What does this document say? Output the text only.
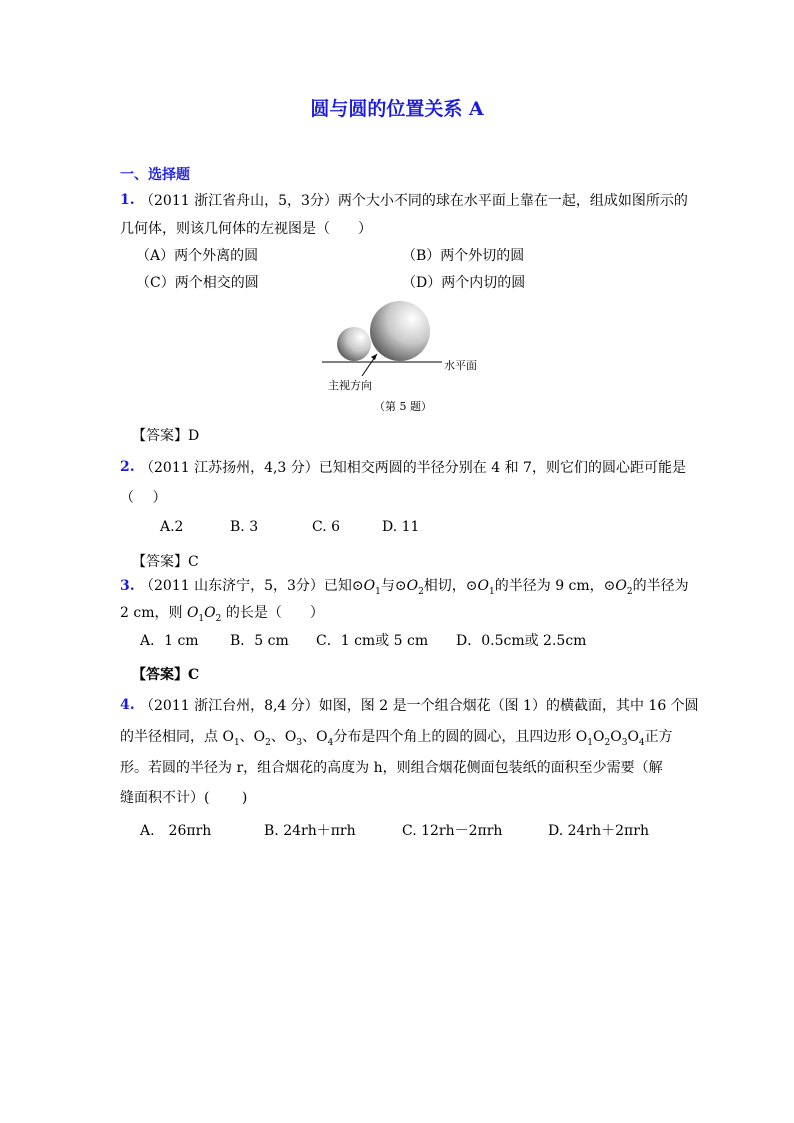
圆与圆的位置关系 A
一、选择题
1. （2011 浙江省舟山，5，3分）两个大小不同的球在水平面上靠在一起，组成如图所示的
几何体，则该几何体的左视图是（　　）
（A）两个外离的圆	（B）两个外切的圆
（C）两个相交的圆	（D）两个内切的圆
水平面
主视方向
（第 5 题）
【答案】D
2. （2011 江苏扬州，4,3 分）已知相交两圆的半径分别在 4 和 7，则它们的圆心距可能是
（　 ）
A.2	B. 3	C. 6	D. 11
【答案】C
3. （2011 山东济宁，5，3分）已知$⊙O_1$与$⊙O_2$相切，$⊙O_1$的半径为 9 cm，$⊙O_2$的半径为
2 cm，则 $O_1O_2$ 的长是（　　）
A．1 cm B．5 cm C．1 cm或 5 cm D．0.5cm或 2.5cm
【答案】C
4. （2011 浙江台州，8,4 分）如图，图 2 是一个组合烟花（图 1）的横截面，其中 16 个圆
的半径相同，点 $O_1$、$O_2$、$O_3$、$O_4$分布是四个角上的圆的圆心，且四边形 $O_1O_2O_3O_4$正方
形。若圆的半径为 r，组合烟花的高度为 h，则组合烟花侧面包装纸的面积至少需要（解
缝面积不计）(　　 )
A.　26πrh	B. 24rh＋πrh	C. 12rh－2πrh	D. 24rh＋2πrh
